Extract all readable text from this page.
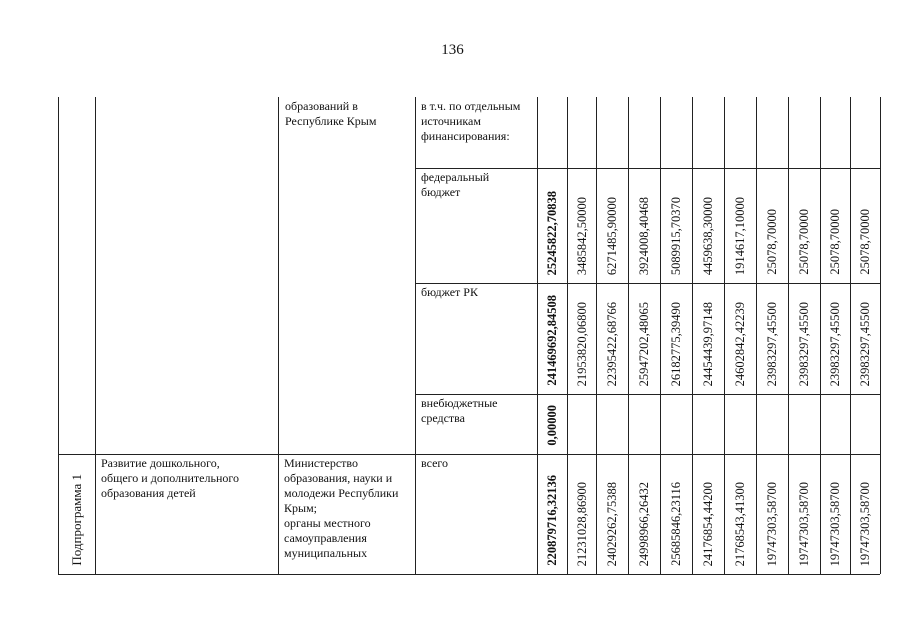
136
образований в
Республике Крым
в т.ч. по отдельным
источникам
финансирования:
федеральный
бюджет
бюджет РК
внебюджетные
средства
Развитие дошкольного,
общего и дополнительного
образования детей
Министерство
образования, науки и
молодежи Республики
Крым;
органы местного
самоуправления
муниципальных
всего
25245822,70838 3485842,50000 6271485,90000 3924008,40468 5089915,70370 4459638,30000 1914617,10000 25078,70000 25078,70000 25078,70000 25078,70000
241469692,84508 21953820,06800 22395422,68766 25947202,48065 26182775,39490 24454439,97148 24602842,42239 23983297,45500 23983297,45500 23983297,45500 23983297,45500
0,00000
220879716,32136 21231028,86900 24029262,75388 24998966,26432 25685846,23116 24176854,44200 21768543,41300 19747303,58700 19747303,58700 19747303,58700 19747303,58700
Подпрограмма 1
